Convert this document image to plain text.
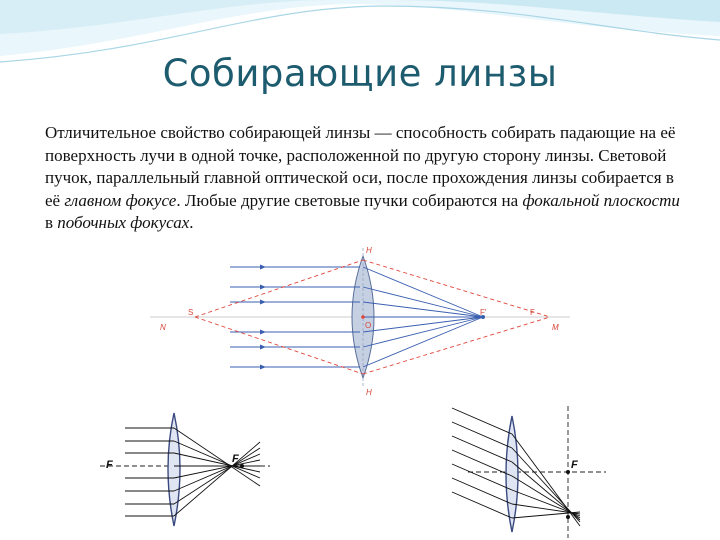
Собирающие линзы
Отличительное свойство собирающей линзы — способность собирать падающие на её поверхность лучи в одной точке, расположенной по другую сторону линзы. Световой пучок, параллельный главной оптической оси, после прохождения линзы собирается в её главном фокусе. Любые другие световые пучки собираются на фокальной плоскости в побочных фокусах.
H
H
S
N	O
F'	F
M
F	F	F
